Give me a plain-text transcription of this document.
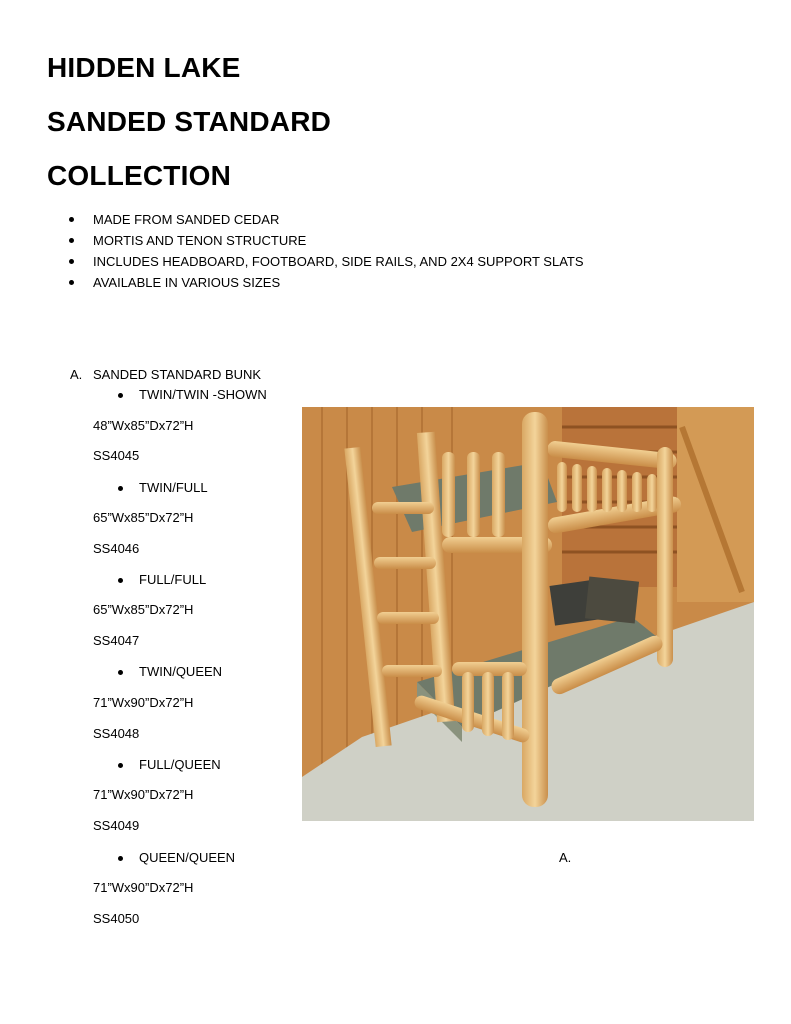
HIDDEN LAKE
SANDED STANDARD
COLLECTION
MADE FROM SANDED CEDAR
MORTIS AND TENON STRUCTURE
INCLUDES HEADBOARD, FOOTBOARD, SIDE RAILS, AND 2X4 SUPPORT SLATS
AVAILABLE IN VARIOUS SIZES
A. SANDED STANDARD BUNK
TWIN/TWIN -SHOWN
48”Wx85”Dx72”H
SS4045
TWIN/FULL
65”Wx85”Dx72”H
SS4046
FULL/FULL
65”Wx85”Dx72”H
SS4047
TWIN/QUEEN
71”Wx90”Dx72”H
SS4048
FULL/QUEEN
71”Wx90”Dx72”H
SS4049
QUEEN/QUEEN
71”Wx90”Dx72”H
SS4050
A.
